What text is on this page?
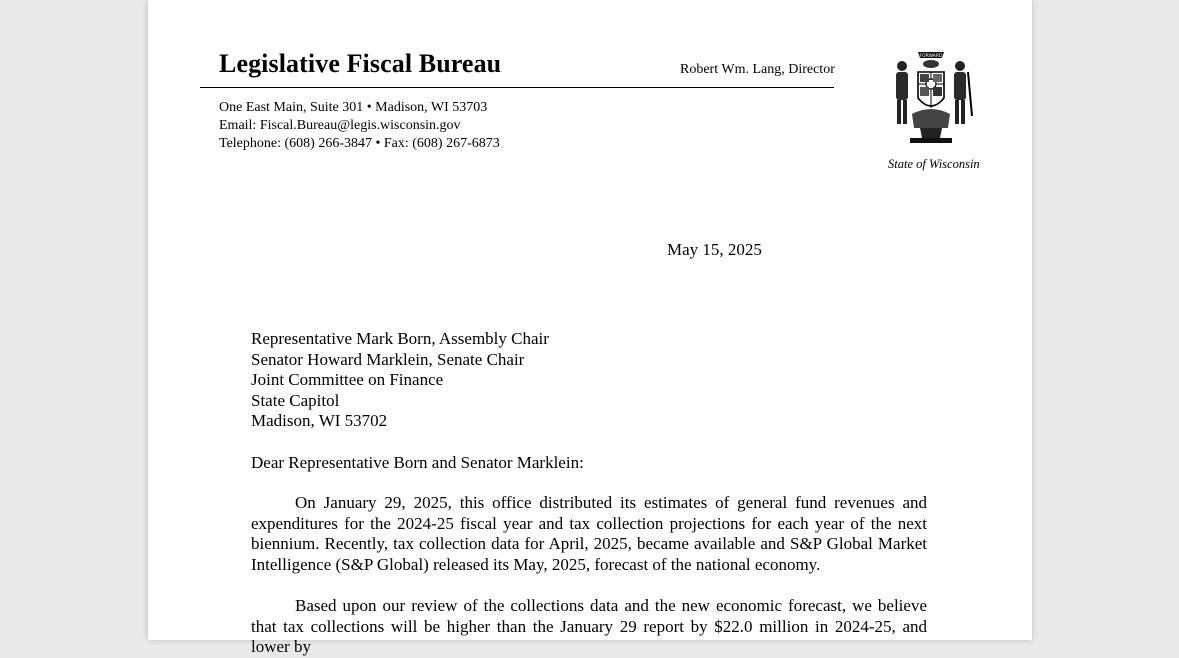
Legislative Fiscal Bureau	Robert Wm. Lang, Director
One East Main, Suite 301 • Madison, WI 53703
Email: Fiscal.Bureau@legis.wisconsin.gov
Telephone: (608) 266-3847 • Fax: (608) 267-6873
FORWARD
State of Wisconsin
May 15, 2025
Representative Mark Born, Assembly Chair
Senator Howard Marklein, Senate Chair
Joint Committee on Finance
State Capitol
Madison, WI 53702
Dear Representative Born and Senator Marklein:
On January 29, 2025, this office distributed its estimates of general fund revenues and expenditures for the 2024-25 fiscal year and tax collection projections for each year of the next biennium. Recently, tax collection data for April, 2025, became available and S&P Global Market Intelligence (S&P Global) released its May, 2025, forecast of the national economy.
Based upon our review of the collections data and the new economic forecast, we believe that tax collections will be higher than the January 29 report by $22.0 million in 2024-25, and lower by
